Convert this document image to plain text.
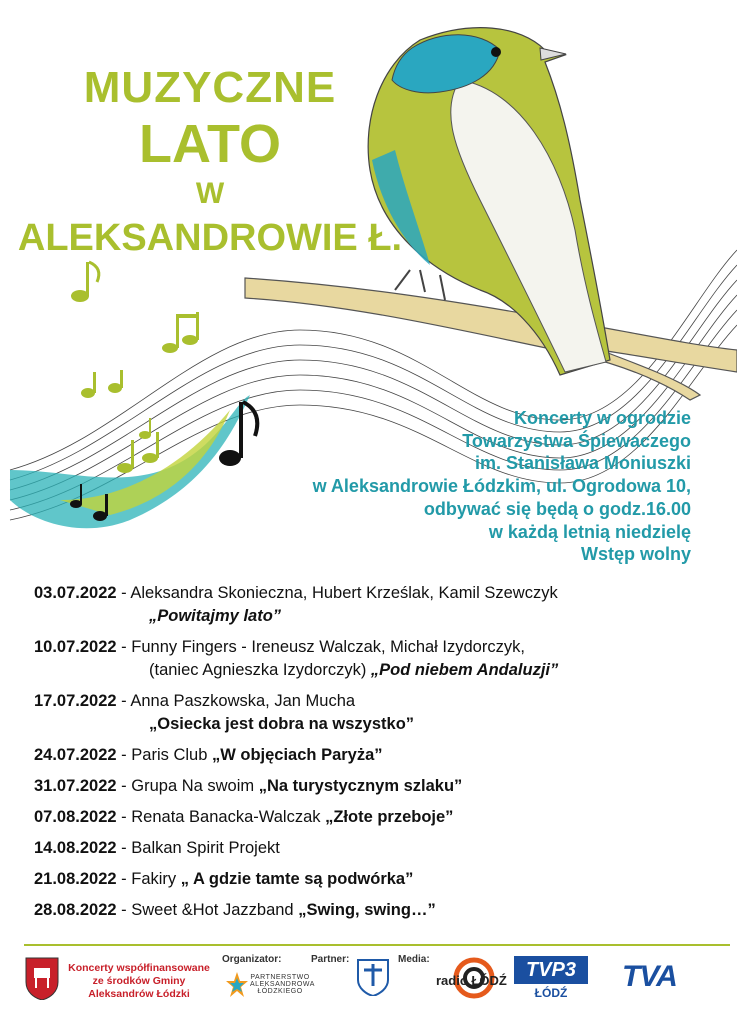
MUZYCZNE
LATO
W
ALEKSANDROWIE Ł.
Koncerty w ogrodzie
Towarzystwa Śpiewaczego
im. Stanisława Moniuszki
w Aleksandrowie Łódzkim, ul. Ogrodowa 10,
odbywać się będą o godz.16.00
w każdą letnią niedzielę
Wstęp wolny
03.07.2022 - Aleksandra Skonieczna, Hubert Krześlak, Kamil Szewczyk
„Powitajmy lato”
10.07.2022 - Funny Fingers - Ireneusz Walczak, Michał Izydorczyk,
(taniec Agnieszka Izydorczyk) „Pod niebem Andaluzji”
17.07.2022 - Anna Paszkowska, Jan Mucha
„Osiecka jest dobra na wszystko”
24.07.2022 - Paris Club „W objęciach Paryża”
31.07.2022 - Grupa Na swoim „Na turystycznym szlaku”
07.08.2022 - Renata Banacka-Walczak „Złote przeboje”
14.08.2022 - Balkan Spirit Projekt
21.08.2022 - Fakiry „ A gdzie tamte są podwórka”
28.08.2022 - Sweet &Hot Jazzband „Swing, swing…”
Koncerty współfinansowane ze środków Gminy Aleksandrów Łódzki
Organizator:
PARTNERSTWO ALEKSANDROWA ŁÓDZKIEGO
Partner:	Media:
radio ŁÓDŹ TVP3
ŁÓDŹ	TVA
